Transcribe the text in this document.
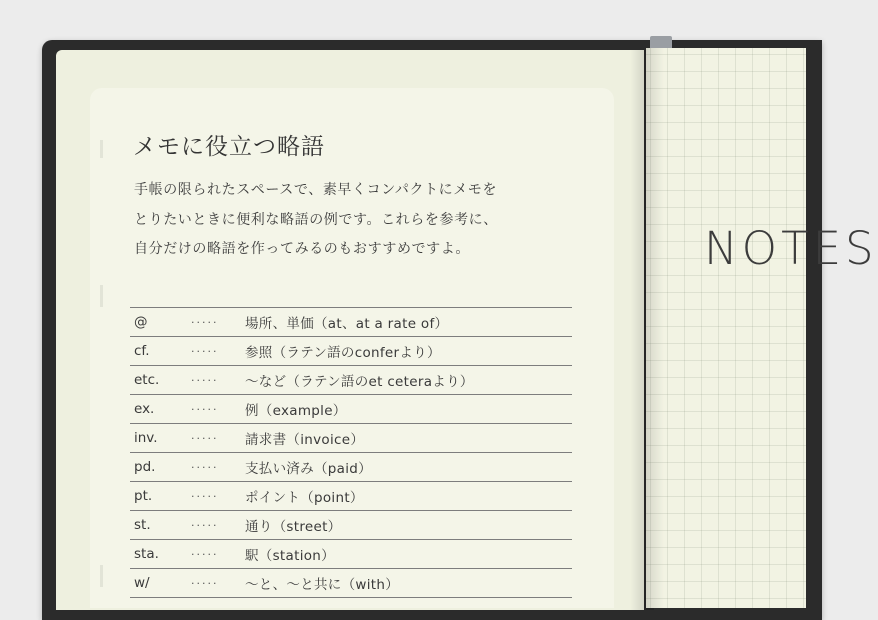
NOTES
メモに役立つ略語
手帳の限られたスペースで、素早くコンパクトにメモを
とりたいときに便利な略語の例です。これらを参考に、
自分だけの略語を作ってみるのもおすすめですよ。
@	·····	場所、単価（at、at a rate of）
cf.	·····	参照（ラテン語のconferより）
etc.	·····	〜など（ラテン語のet ceteraより）
ex.	·····	例（example）
inv.	·····	請求書（invoice）
pd.	·····	支払い済み（paid）
pt.	·····	ポイント（point）
st.	·····	通り（street）
sta.	·····	駅（station）
w/	·····	〜と、〜と共に（with）
